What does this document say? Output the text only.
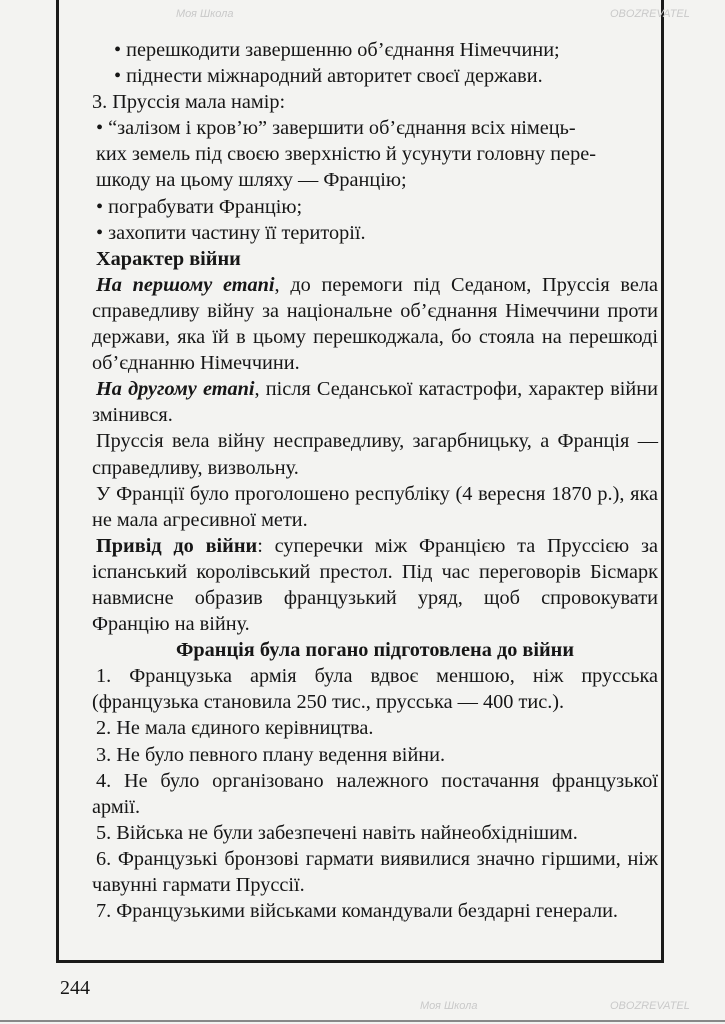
• перешкодити завершенню об’єднання Німеччини;

• піднести міжнародний авторитет своєї держави.

3. Пруссія мала намір:

• “залізом і кров’ю” завершити об’єднання всіх німець-

ких земель під своєю зверхністю й усунути головну пере-

шкоду на цьому шляху — Францію;

• пограбувати Францію;

• захопити частину її території.

Характер війни

На першому етапі, до перемоги під Седаном, Пруссія вела справедливу війну за національне об’єднання Німеччини проти держави, яка їй в цьому перешкоджала, бо стояла на перешкоді об’єднанню Німеччини.

На другому етапі, після Седанської катастрофи, характер війни змінився.

Пруссія вела війну несправедливу, загарбницьку, а Франція — справедливу, визвольну.

У Франції було проголошено республіку (4 вересня 1870 р.), яка не мала агресивної мети.

Привід до війни: суперечки між Францією та Пруссією за іспанський королівський престол. Під час переговорів Бісмарк навмисне образив французький уряд, щоб спровокувати Францію на війну.

Франція була погано підготовлена до війни

1. Французька армія була вдвоє меншою, ніж прусська (французька становила 250 тис., прусська — 400 тис.).

2. Не мала єдиного керівництва.

3. Не було певного плану ведення війни.

4. Не було організовано належного постачання французької армії.

5. Війська не були забезпечені навіть найнеобхіднішим.

6. Французькі бронзові гармати виявилися значно гіршими, ніж чавунні гармати Пруссії.

7. Французькими військами командували бездарні генерали.

244
Моя Школа	OBOZREVATEL
Моя Школа	OBOZREVATEL
